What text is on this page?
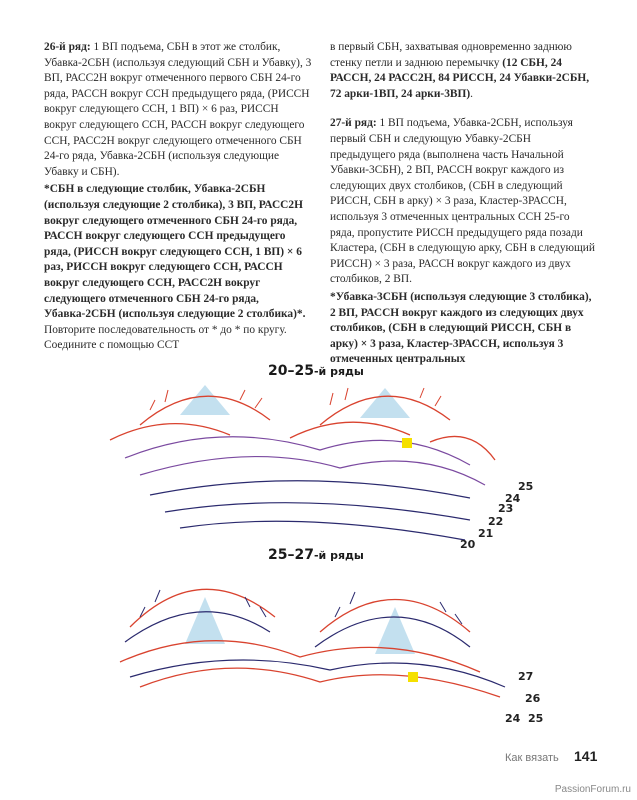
26-й ряд: 1 ВП подъема, СБН в этот же столбик, Убавка-2СБН (используя следующий СБН и Убавку), 3 ВП, РАСС2Н вокруг отмеченного первого СБН 24-го ряда, РАССН вокруг ССН предыдущего ряда, (РИССН вокруг следующего ССН, 1 ВП) × 6 раз, РИССН вокруг следующего ССН, РАССН вокруг следующего ССН, РАСС2Н вокруг следующего отмеченного СБН 24-го ряда, Убавка-2СБН (используя следующие Убавку и СБН).

*СБН в следующие столбик, Убавка-2СБН (используя следующие 2 столбика), 3 ВП, РАСС2Н вокруг следующего отмеченного СБН 24-го ряда, РАССН вокруг следующего ССН предыдущего ряда, (РИССН вокруг следующего ССН, 1 ВП) × 6 раз, РИССН вокруг следующего ССН, РАССН вокруг следующего ССН, РАСС2Н вокруг следующего отмеченного СБН 24-го ряда, Убавка-2СБН (используя следующие 2 столбика)*. Повторите последовательность от * до * по кругу. Соедините с помощью ССТ

в первый СБН, захватывая одновременно заднюю стенку петли и заднюю перемычку (12 СБН, 24 РАССН, 24 РАСС2Н, 84 РИССН, 24 Убавки-2СБН, 72 арки-1ВП, 24 арки-3ВП).

27-й ряд: 1 ВП подъема, Убавка-2СБН, используя первый СБН и следующую Убавку-2СБН предыдущего ряда (выполнена часть Начальной Убавки-3СБН), 2 ВП, РАССН вокруг каждого из следующих двух столбиков, (СБН в следующий РИССН, СБН в арку) × 3 раза, Кластер-3РАССН, используя 3 отмеченных центральных ССН 25-го ряда, пропустите РИССН предыдущего ряда позади Кластера, (СБН в следующую арку, СБН в следующий РИССН) × 3 раза, РАССН вокруг каждого из двух столбиков, 2 ВП.

*Убавка-3СБН (используя следующие 3 столбика), 2 ВП, РАССН вокруг каждого из следующих двух столбиков, (СБН в следующий РИССН, СБН в арку) × 3 раза, Кластер-3РАССН, используя 3 отмеченных центральных

20–25-й ряды
25
24
23
22
21
20
25–27-й ряды
27
26
25
24
Как вязать 141
PassionForum.ru
